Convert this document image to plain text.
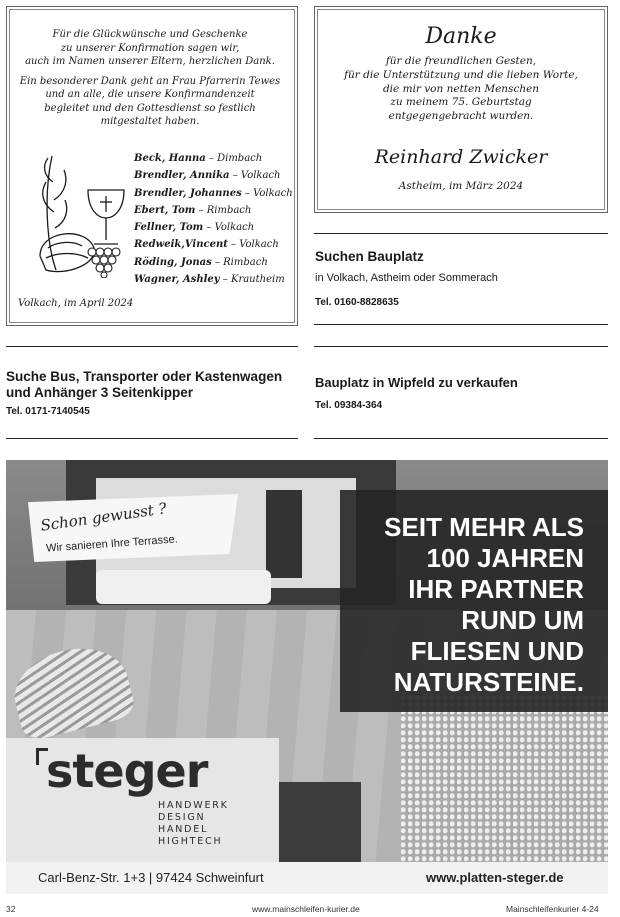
Für die Glückwünsche und Geschenke
zu unserer Konfirmation sagen wir,
auch im Namen unserer Eltern, herzlichen Dank.

Ein besonderer Dank geht an Frau Pfarrerin Tewes
und an alle, die unsere Konfirmandenzeit
begleitet und den Gottesdienst so festlich
mitgestaltet haben.

Beck, Hanna – Dimbach
Brendler, Annika – Volkach
Brendler, Johannes – Volkach
Ebert, Tom – Rimbach
Fellner, Tom – Volkach
Redweik,Vincent – Volkach
Röding, Jonas – Rimbach
Wagner, Ashley – Krautheim
Volkach, im April 2024
Danke
für die freundlichen Gesten,
für die Unterstützung und die lieben Worte,
die mir von netten Menschen
zu meinem 75. Geburtstag
entgegengebracht wurden.
Reinhard Zwicker
Astheim, im März 2024
Suchen Bauplatz
in Volkach, Astheim oder Sommerach
Tel. 0160-8828635
Suche Bus, Transporter oder Kastenwagen
und Anhänger 3 Seitenkipper
Tel. 0171-7140545
Bauplatz in Wipfeld zu verkaufen
Tel. 09384-364
Schon gewusst ?
Wir sanieren Ihre Terrasse.
SEIT MEHR ALS
100 JAHREN
IHR PARTNER
RUND UM
FLIESEN UND
NATURSTEINE.
steger
HANDWERK
DESIGN
HANDEL
HIGHTECH
Carl-Benz-Str. 1+3 | 97424 Schweinfurt	www.platten-steger.de
32	www.mainschleifen-kurier.de	Mainschleifenkurier 4-24
